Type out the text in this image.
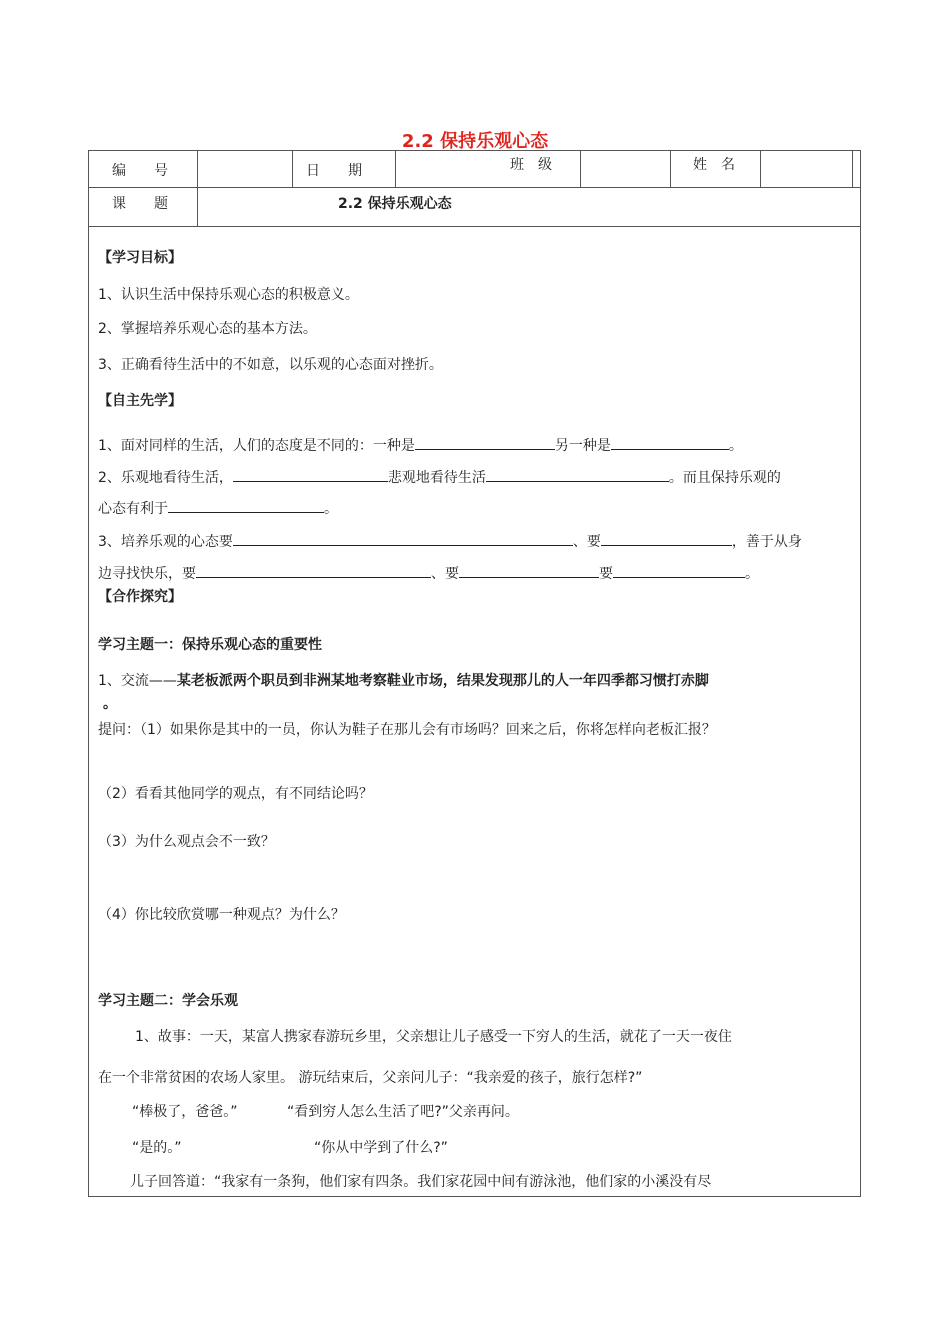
2.2 保持乐观心态
编　　号	日　　期	班　级	姓　名
课　　题	2.2 保持乐观心态
【学习目标】
1、认识生活中保持乐观心态的积极意义。
2、掌握培养乐观心态的基本方法。
3、正确看待生活中的不如意，以乐观的心态面对挫折。
【自主先学】
1、面对同样的生活，人们的态度是不同的：一种是	另一种是	。
2、乐观地看待生活，	悲观地看待生活	。而且保持乐观的
心态有利于	。
3、培养乐观的心态要	、要	，善于从身
边寻找快乐，要	、要	要	。
【合作探究】
学习主题一：保持乐观心态的重要性
1、交流——某老板派两个职员到非洲某地考察鞋业市场，结果发现那儿的人一年四季都习惯打赤脚
。
提问：（1）如果你是其中的一员，你认为鞋子在那儿会有市场吗？回来之后，你将怎样向老板汇报？
（2）看看其他同学的观点，有不同结论吗？
（3）为什么观点会不一致？
（4）你比较欣赏哪一种观点？为什么？
学习主题二：学会乐观
1、故事：一天，某富人携家春游玩乡里，父亲想让儿子感受一下穷人的生活，就花了一天一夜住
在一个非常贫困的农场人家里。 游玩结束后，父亲问儿子：“我亲爱的孩子，旅行怎样?”
“棒极了，爸爸。”	“看到穷人怎么生活了吧?”父亲再问。
“是的。”	“你从中学到了什么?”
儿子回答道：“我家有一条狗，他们家有四条。我们家花园中间有游泳池，他们家的小溪没有尽
